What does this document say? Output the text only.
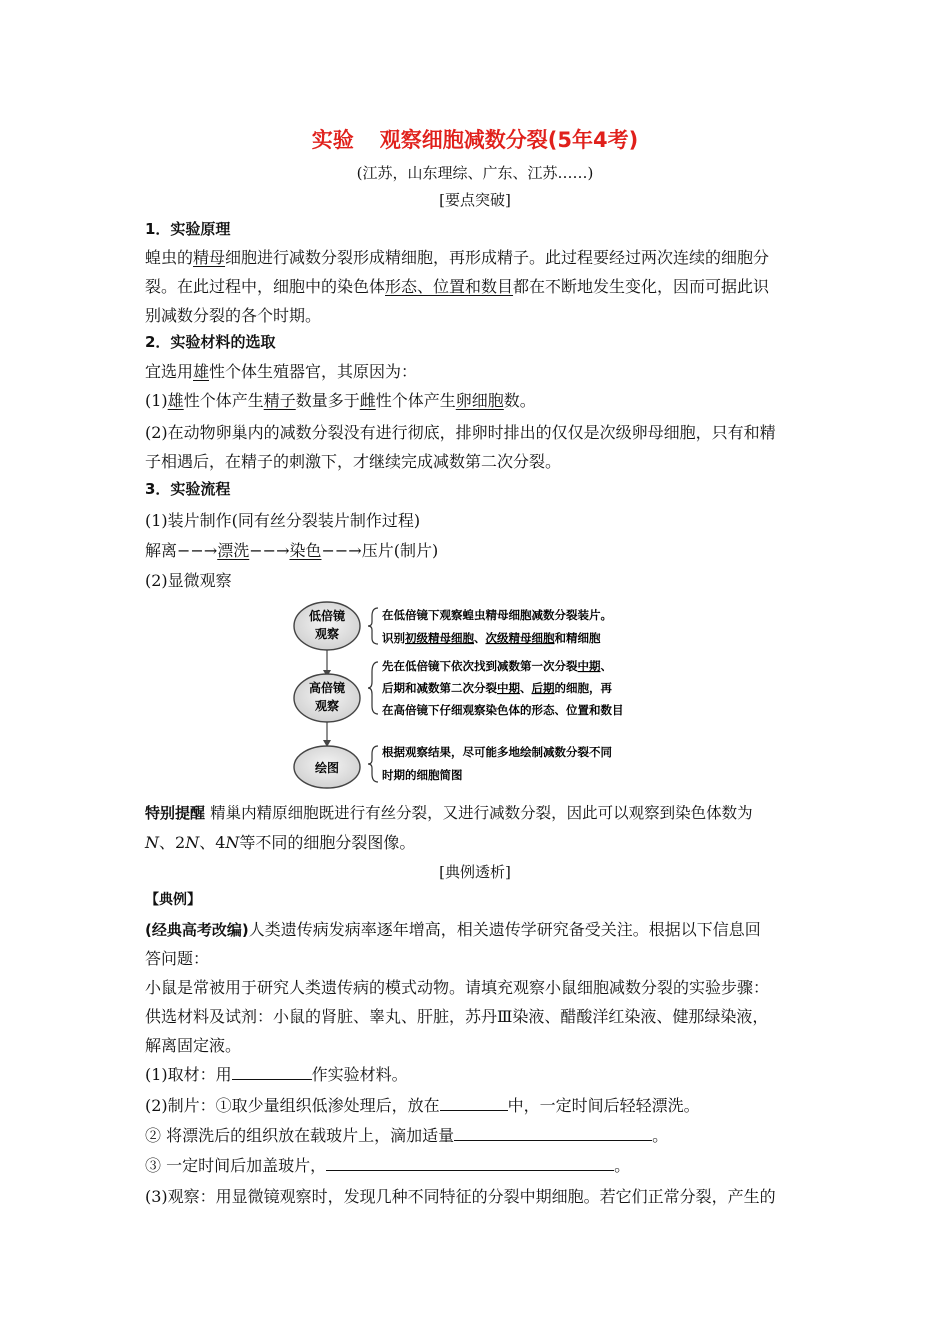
实验 观察细胞减数分裂(5年4考)
(江苏，山东理综、广东、江苏……)
[要点突破]
1．实验原理
蝗虫的精母细胞进行减数分裂形成精细胞，再形成精子。此过程要经过两次连续的细胞分
裂。在此过程中，细胞中的染色体形态、位置和数目都在不断地发生变化，因而可据此识
别减数分裂的各个时期。
2．实验材料的选取
宜选用雄性个体生殖器官，其原因为：
(1)雄性个体产生精子数量多于雌性个体产生卵细胞数。
(2)在动物卵巢内的减数分裂没有进行彻底，排卵时排出的仅仅是次级卵母细胞，只有和精
子相遇后，在精子的刺激下，才继续完成减数第二次分裂。
3．实验流程
(1)装片制作(同有丝分裂装片制作过程)
解离−−→漂洗−−→染色−−→压片(制片)
(2)显微观察
低倍镜
观察
高倍镜
观察
绘图
在低倍镜下观察蝗虫精母细胞减数分裂装片。
识别初级精母细胞、次级精母细胞和精细胞
先在低倍镜下依次找到减数第一次分裂中期、
后期和减数第二次分裂中期、后期的细胞，再
在高倍镜下仔细观察染色体的形态、位置和数目
根据观察结果，尽可能多地绘制减数分裂不同
时期的细胞简图
特别提醒 精巢内精原细胞既进行有丝分裂，又进行减数分裂，因此可以观察到染色体数为
N、2N、4N等不同的细胞分裂图像。
[典例透析]
【典例】
(经典高考改编)人类遗传病发病率逐年增高，相关遗传学研究备受关注。根据以下信息回
答问题：
小鼠是常被用于研究人类遗传病的模式动物。请填充观察小鼠细胞减数分裂的实验步骤：
供选材料及试剂：小鼠的肾脏、睾丸、肝脏，苏丹Ⅲ染液、醋酸洋红染液、健那绿染液，
解离固定液。
(1)取材：用	作实验材料。
(2)制片：①取少量组织低渗处理后，放在	中，一定时间后轻轻漂洗。
② 将漂洗后的组织放在载玻片上，滴加适量	。
③ 一定时间后加盖玻片，	。
(3)观察：用显微镜观察时，发现几种不同特征的分裂中期细胞。若它们正常分裂，产生的
